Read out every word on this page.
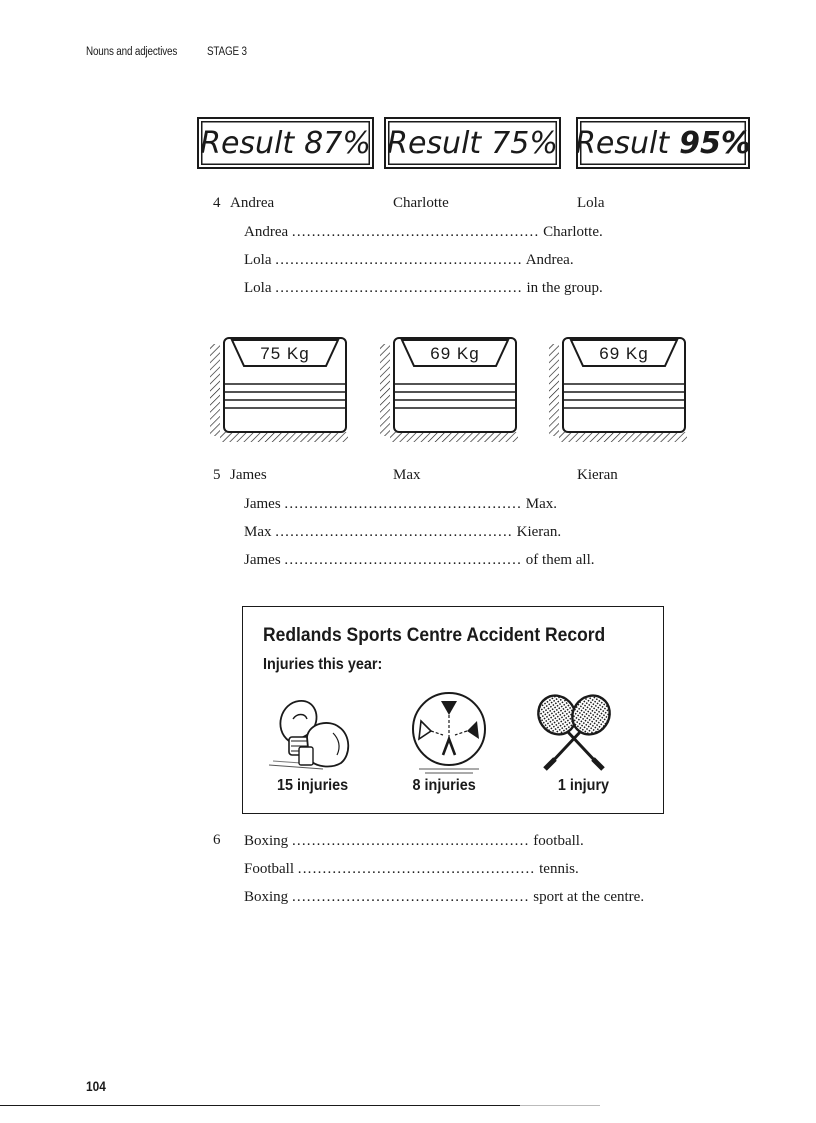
Nouns and adjectives	STAGE 3
Result 87% Result 75% Result 95%
4 Andrea	Charlotte	Lola
Andrea .................................................. Charlotte.
Lola .................................................. Andrea.
Lola .................................................. in the group.
75 Kg	69 Kg	69 Kg
5 James	Max	Kieran
James ................................................ Max.
Max ................................................ Kieran.
James ................................................ of them all.
Redlands Sports Centre Accident Record
Injuries this year:
15 injuries	8 injuries	1 injury
6 Boxing ................................................ football.
Football ................................................ tennis.
Boxing ................................................ sport at the centre.
104
